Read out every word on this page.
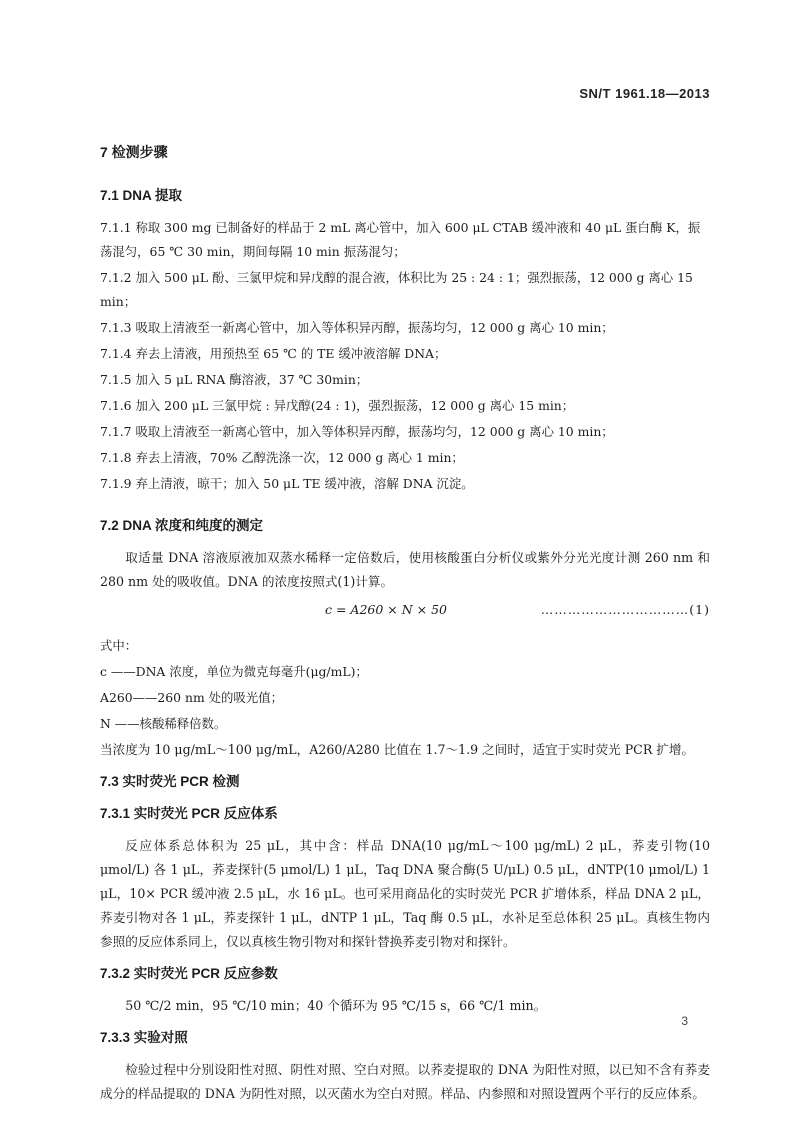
SN/T 1961.18—2013
7 检测步骤
7.1 DNA 提取
7.1.1 称取 300 mg 已制备好的样品于 2 mL 离心管中，加入 600 μL CTAB 缓冲液和 40 μL 蛋白酶 K，振荡混匀，65 ℃ 30 min，期间每隔 10 min 振荡混匀；
7.1.2 加入 500 μL 酚、三氯甲烷和异戊醇的混合液，体积比为 25 : 24 : 1；强烈振荡，12 000 g 离心 15 min；
7.1.3 吸取上清液至一新离心管中，加入等体积异丙醇，振荡均匀，12 000 g 离心 10 min；
7.1.4 弃去上清液，用预热至 65 ℃ 的 TE 缓冲液溶解 DNA；
7.1.5 加入 5 μL RNA 酶溶液，37 ℃ 30min；
7.1.6 加入 200 μL 三氯甲烷 : 异戊醇(24 : 1)，强烈振荡，12 000 g 离心 15 min；
7.1.7 吸取上清液至一新离心管中，加入等体积异丙醇，振荡均匀，12 000 g 离心 10 min；
7.1.8 弃去上清液，70% 乙醇洗涤一次，12 000 g 离心 1 min；
7.1.9 弃上清液，晾干；加入 50 μL TE 缓冲液，溶解 DNA 沉淀。
7.2 DNA 浓度和纯度的测定

取适量 DNA 溶液原液加双蒸水稀释一定倍数后，使用核酸蛋白分析仪或紫外分光光度计测 260 nm 和 280 nm 处的吸收值。DNA 的浓度按照式(1)计算。

c = A260 × N × 50	……………………………(1)
式中：
c ——DNA 浓度，单位为微克每毫升(μg/mL)；
A260——260 nm 处的吸光值；
N ——核酸稀释倍数。

当浓度为 10 μg/mL～100 μg/mL，A260/A280 比值在 1.7～1.9 之间时，适宜于实时荧光 PCR 扩增。

7.3 实时荧光 PCR 检测
7.3.1 实时荧光 PCR 反应体系

反应体系总体积为 25 μL，其中含：样品 DNA(10 μg/mL～100 μg/mL) 2 μL，荞麦引物(10 μmol/L) 各 1 μL，荞麦探针(5 μmol/L) 1 μL，Taq DNA 聚合酶(5 U/μL) 0.5 μL，dNTP(10 μmol/L) 1 μL，10× PCR 缓冲液 2.5 μL，水 16 μL。也可采用商品化的实时荧光 PCR 扩增体系，样品 DNA 2 μL，荞麦引物对各 1 μL，荞麦探针 1 μL，dNTP 1 μL，Taq 酶 0.5 μL，水补足至总体积 25 μL。真核生物内参照的反应体系同上，仅以真核生物引物对和探针替换荞麦引物对和探针。

7.3.2 实时荧光 PCR 反应参数

50 ℃/2 min，95 ℃/10 min；40 个循环为 95 ℃/15 s，66 ℃/1 min。

7.3.3 实验对照

检验过程中分别设阳性对照、阴性对照、空白对照。以荞麦提取的 DNA 为阳性对照，以已知不含有荞麦成分的样品提取的 DNA 为阴性对照，以灭菌水为空白对照。样品、内参照和对照设置两个平行的反应体系。

3
